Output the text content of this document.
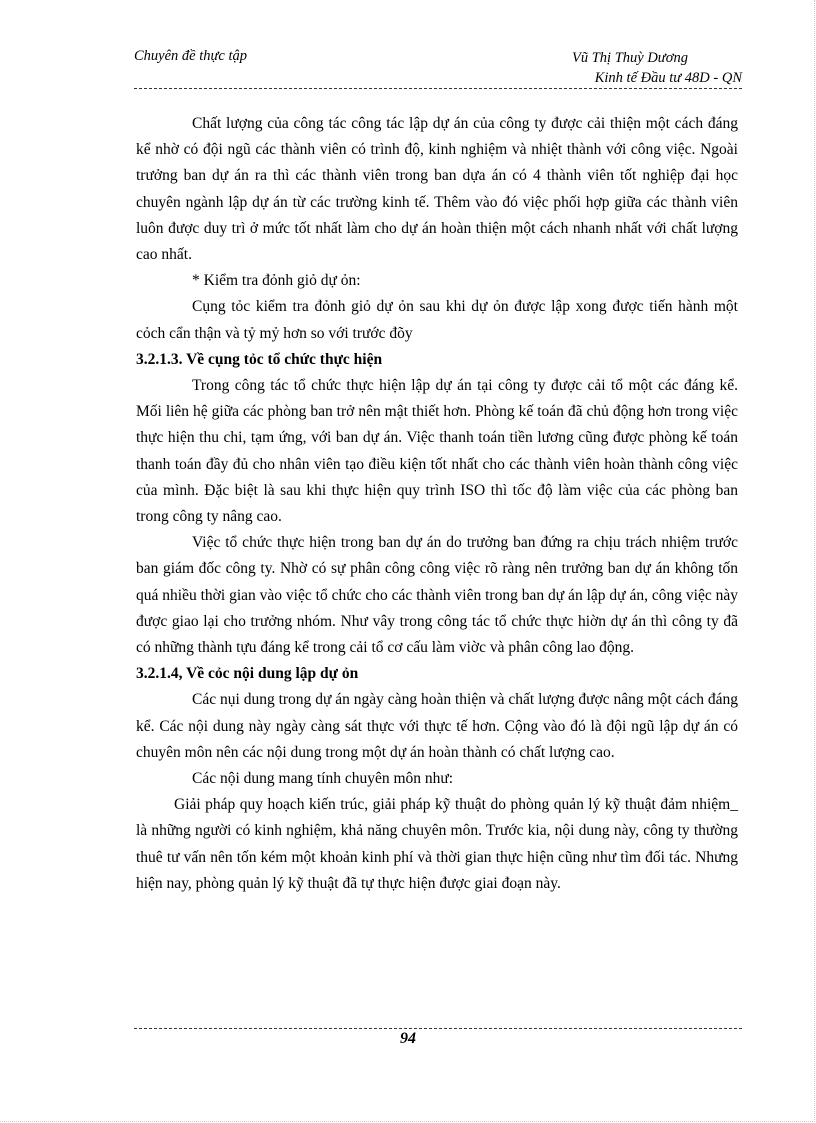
Chuyên đề thực tập	Vũ Thị Thuỳ Dương
Kinh tế Đầu tư 48D - QN

Chất lượng của công tác công tác lập dự án của công ty được cải thiện một cách đáng kể nhờ có đội ngũ các thành viên có trình độ, kinh nghiệm và nhiệt thành với công việc. Ngoài trưởng ban dự án ra thì các thành viên trong ban dựa án có 4 thành viên tốt nghiệp đại học chuyên ngành lập dự án từ các trường kinh tế. Thêm vào đó việc phối hợp giữa các thành viên luôn được duy trì ở mức tốt nhất làm cho dự án hoàn thiện một cách nhanh nhất với chất lượng cao nhất.

* Kiểm tra đỏnh giỏ dự ỏn:

Cụng tỏc kiểm tra đỏnh giỏ dự ỏn sau khi dự ỏn được lập xong được tiến hành một cỏch cẩn thận và tỷ mỷ hơn so với trước đõy

3.2.1.3. Về cụng tỏc tổ chức thực hiện

Trong công tác tổ chức thực hiện lập dự án tại công ty được cải tổ một các đáng kể. Mối liên hệ giữa các phòng ban trở nên mật thiết hơn. Phòng kế toán đã chủ động hơn trong việc thực hiện thu chi, tạm ứng, với ban dự án. Việc thanh toán tiền lương cũng được phòng kế toán thanh toán đầy đủ cho nhân viên tạo điều kiện tốt nhất cho các thành viên hoàn thành công việc của mình. Đặc biệt là sau khi thực hiện quy trình ISO thì tốc độ làm việc của các phòng ban trong công ty nâng cao.

Việc tổ chức thực hiện trong ban dự án do trưởng ban đứng ra chịu trách nhiệm trước ban giám đốc công ty. Nhờ có sự phân công công việc rõ ràng nên trưởng ban dự án không tốn quá nhiều thời gian vào việc tổ chức cho các thành viên trong ban dự án lập dự án, công việc này được giao lại cho trưởng nhóm. Như vây trong công tác tổ chức thực hiờn dự án thì công ty đã có những thành tựu đáng kể trong cải tổ cơ cấu làm viờc và phân công lao động.

3.2.1.4, Về cỏc nội dung lập dự ỏn

Các nụi dung trong dự án ngày càng hoàn thiện và chất lượng được nâng một cách đáng kể. Các nội dung này ngày càng sát thực với thực tế hơn. Cộng vào đó là đội ngũ lập dự án có chuyên môn nên các nội dung trong một dự án hoàn thành có chất lượng cao.

Các nội dung mang tính chuyên môn như:

Giải pháp quy hoạch kiến trúc, giải pháp kỹ thuật do phòng quản lý kỹ thuật đảm nhiệm_ là những người có kinh nghiệm, khả năng chuyên môn. Trước kia, nội dung này, công ty thường thuê tư vấn nên tốn kém một khoản kinh phí và thời gian thực hiện cũng như tìm đối tác. Nhưng hiện nay, phòng quản lý kỹ thuật đã tự thực hiện được giai đoạn này.

94
